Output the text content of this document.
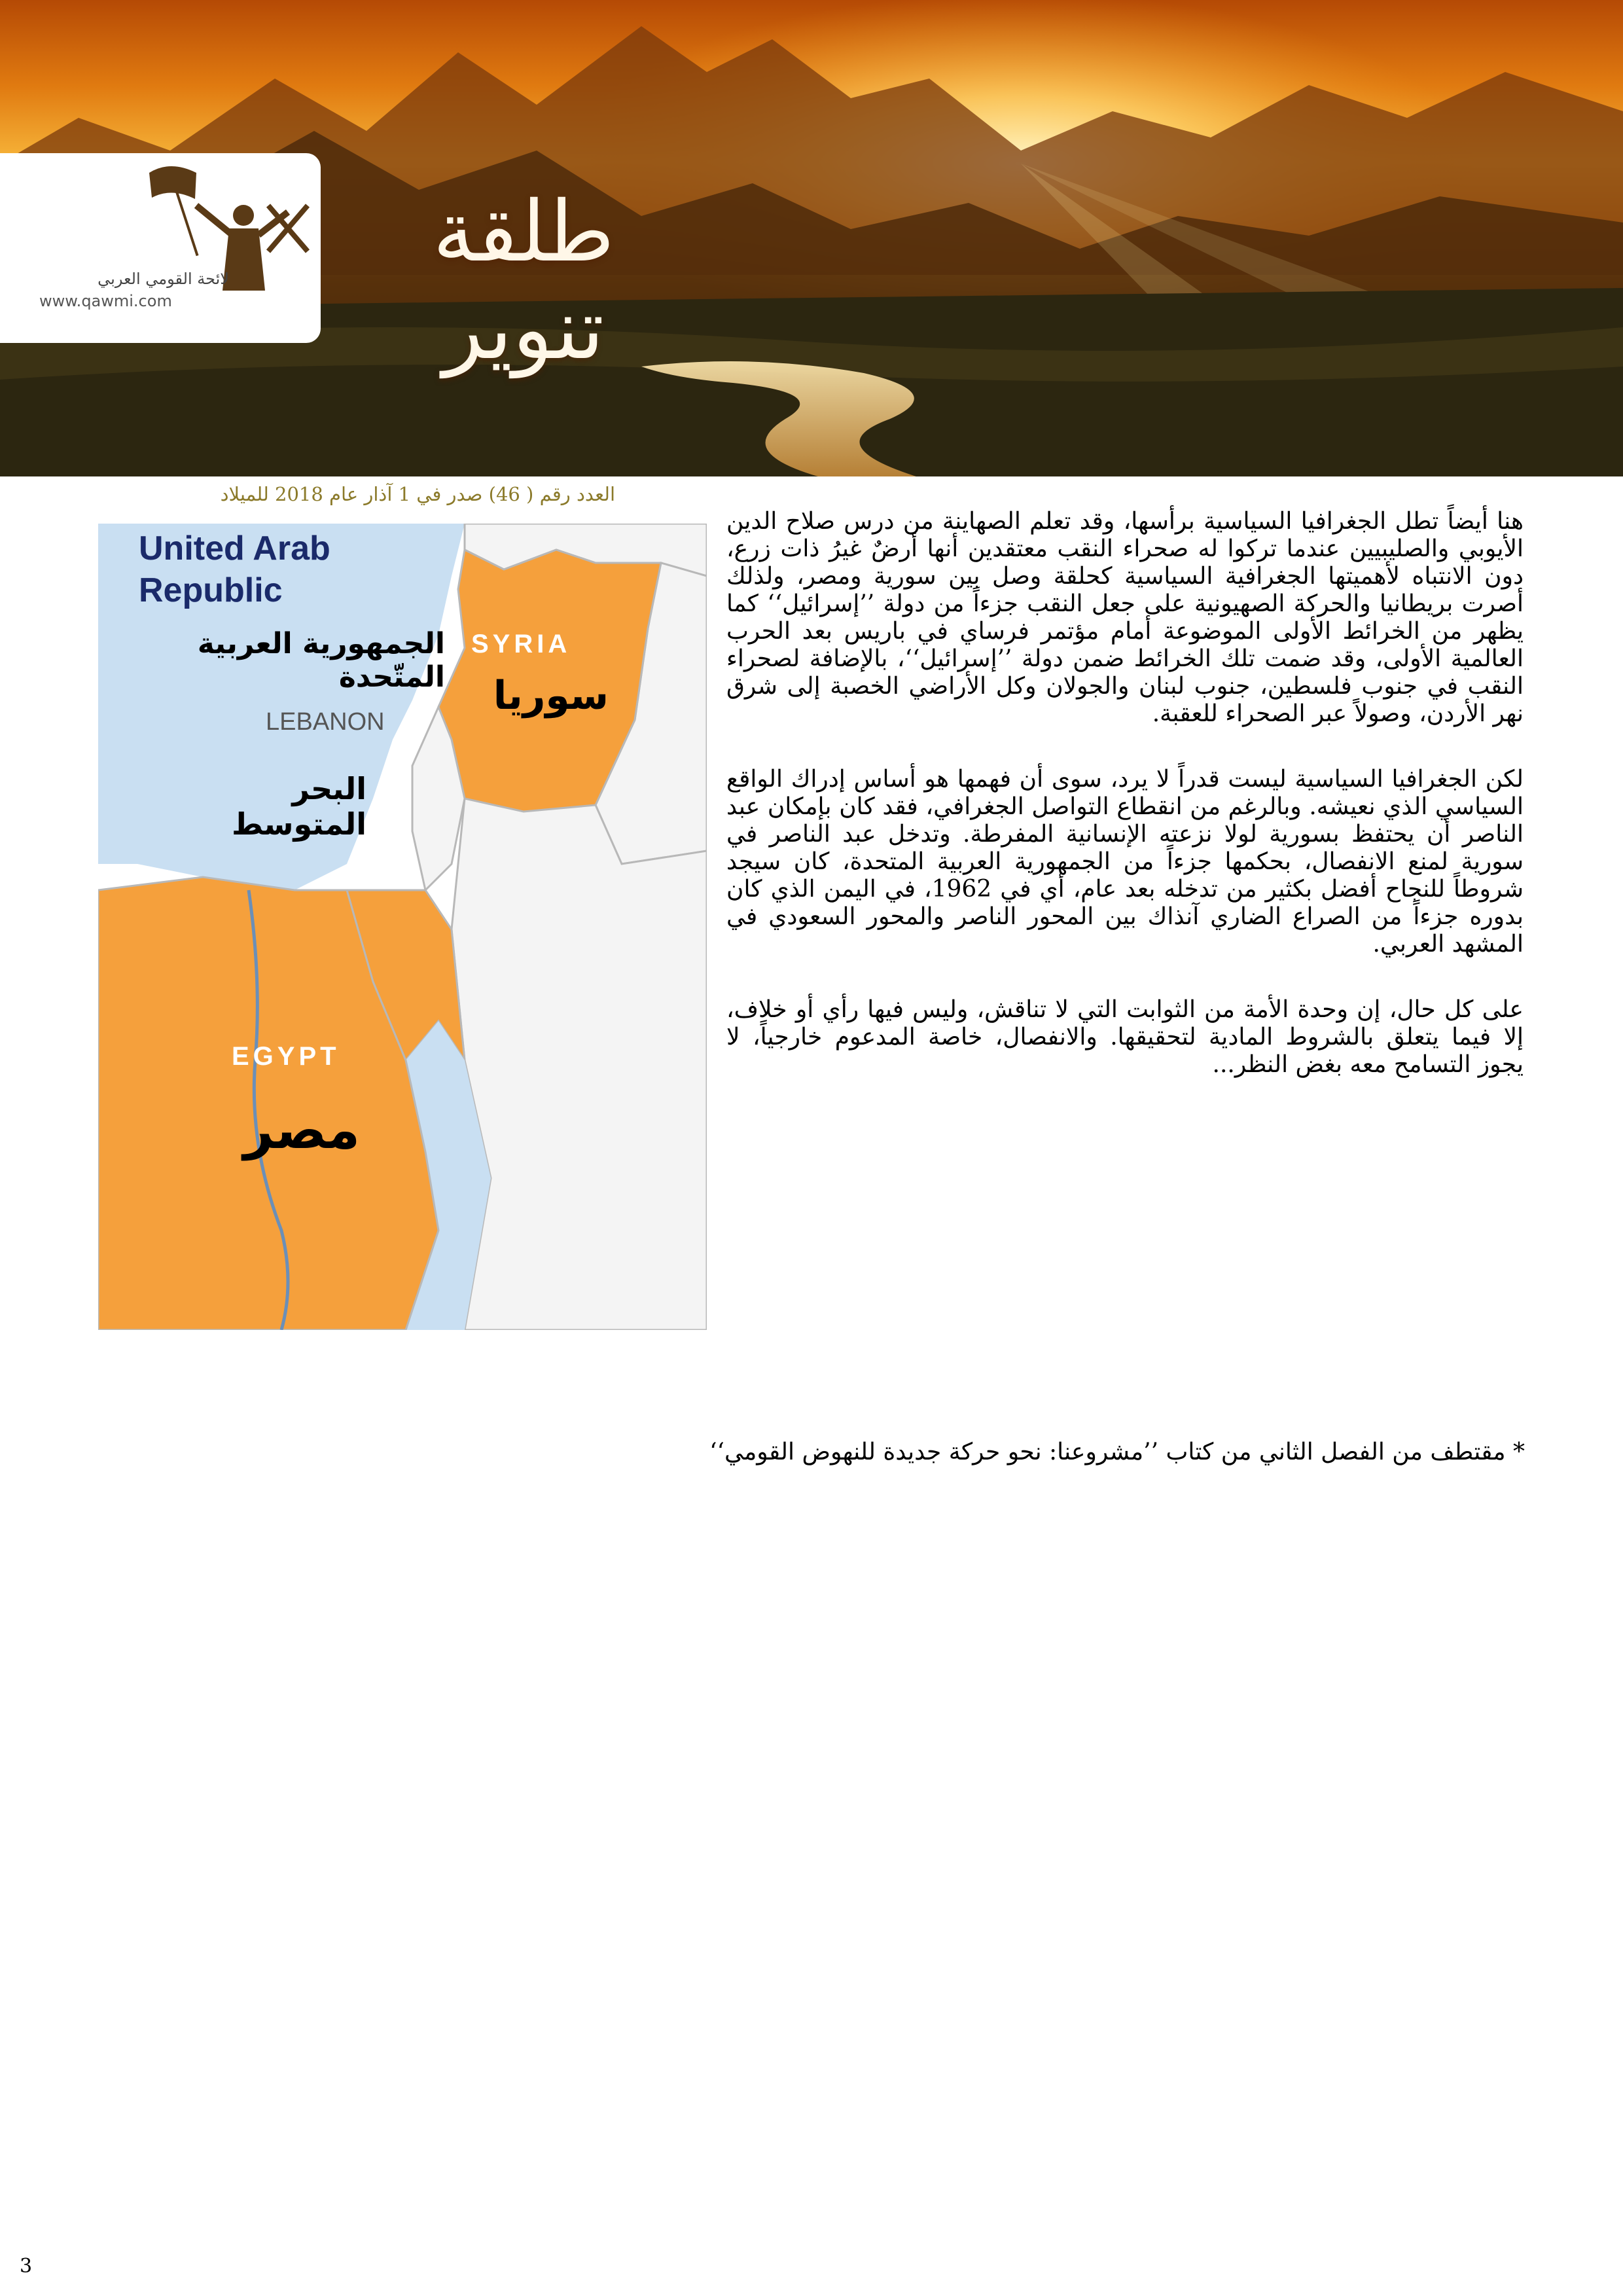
لائحة القومي العربي
www.qawmi.com
طلقة تنوير
العدد رقم ( 46) صدر في 1 آذار عام 2018 للميلاد
United Arab
Republic
الجمهورية العربية المتّحدة
SYRIA
سوريا
LEBANON
البحر المتوسط
EGYPT
مصر

هنا أيضاً تطل الجغرافيا السياسية برأسها، وقد تعلم الصهاينة من درس صلاح الدين الأيوبي والصليبيين عندما تركوا له صحراء النقب معتقدين أنها أرضٌ غيرُ ذات زرع، دون الانتباه لأهميتها الجغرافية السياسية كحلقة وصل بين سورية ومصر، ولذلك أصرت بريطانيا والحركة الصهيونية على جعل النقب جزءاً من دولة ’’إسرائيل‘‘ كما يظهر من الخرائط الأولى الموضوعة أمام مؤتمر فرساي في باريس بعد الحرب العالمية الأولى، وقد ضمت تلك الخرائط ضمن دولة ’’إسرائيل‘‘، بالإضافة لصحراء النقب في جنوب فلسطين، جنوب لبنان والجولان وكل الأراضي الخصبة إلى شرق نهر الأردن، وصولاً عبر الصحراء للعقبة.

لكن الجغرافيا السياسية ليست قدراً لا يرد، سوى أن فهمها هو أساس إدراك الواقع السياسي الذي نعيشه. وبالرغم من انقطاع التواصل الجغرافي، فقد كان بإمكان عبد الناصر أن يحتفظ بسورية لولا نزعته الإنسانية المفرطة. وتدخل عبد الناصر في سورية لمنع الانفصال، بحكمها جزءاً من الجمهورية العربية المتحدة، كان سيجد شروطاً للنجاح أفضل بكثير من تدخله بعد عام، أي في 1962، في اليمن الذي كان بدوره جزءاً من الصراع الضاري آنذاك بين المحور الناصر والمحور السعودي في المشهد العربي.

على كل حال، إن وحدة الأمة من الثوابت التي لا تناقش، وليس فيها رأي أو خلاف، إلا فيما يتعلق بالشروط المادية لتحقيقها. والانفصال، خاصة المدعوم خارجياً، لا يجوز التسامح معه بغض النظر...

* مقتطف من الفصل الثاني من كتاب ’’مشروعنا: نحو حركة جديدة للنهوض القومي‘‘
3
